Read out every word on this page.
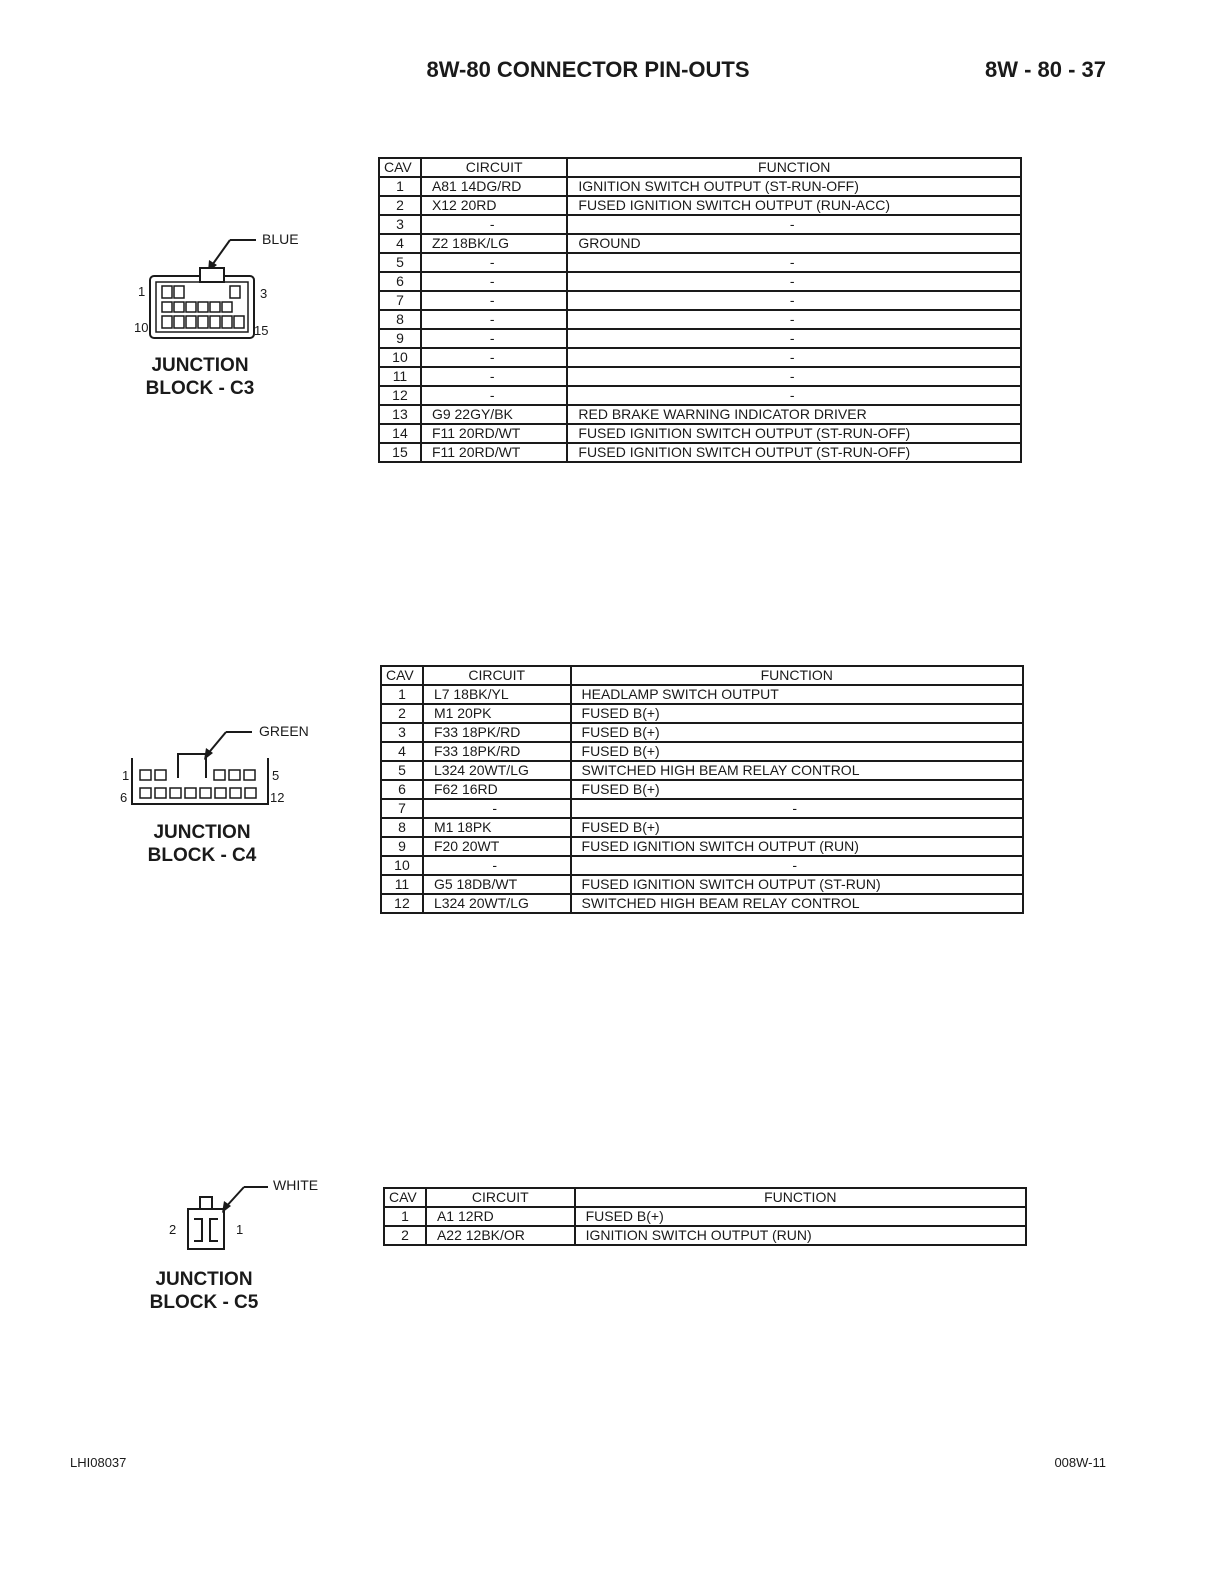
8W-80 CONNECTOR PIN-OUTS	8W - 80 - 37
BLUE
1	3
10	15
JUNCTION
BLOCK - C3
CAV	CIRCUIT	FUNCTION
1	A81 14DG/RD	IGNITION SWITCH OUTPUT (ST-RUN-OFF)
2	X12 20RD	FUSED IGNITION SWITCH OUTPUT (RUN-ACC)
3	-	-
4	Z2 18BK/LG	GROUND
5	-	-
6	-	-
7	-	-
8	-	-
9	-	-
10	-	-
11	-	-
12	-	-
13	G9 22GY/BK	RED BRAKE WARNING INDICATOR DRIVER
14	F11 20RD/WT	FUSED IGNITION SWITCH OUTPUT (ST-RUN-OFF)
15	F11 20RD/WT	FUSED IGNITION SWITCH OUTPUT (ST-RUN-OFF)
GREEN
1	5
6	12
JUNCTION
BLOCK - C4
CAV	CIRCUIT	FUNCTION
1	L7 18BK/YL	HEADLAMP SWITCH OUTPUT
2	M1 20PK	FUSED B(+)
3	F33 18PK/RD	FUSED B(+)
4	F33 18PK/RD	FUSED B(+)
5	L324 20WT/LG	SWITCHED HIGH BEAM RELAY CONTROL
6	F62 16RD	FUSED B(+)
7	-	-
8	M1 18PK	FUSED B(+)
9	F20 20WT	FUSED IGNITION SWITCH OUTPUT (RUN)
10	-	-
11	G5 18DB/WT	FUSED IGNITION SWITCH OUTPUT (ST-RUN)
12	L324 20WT/LG	SWITCHED HIGH BEAM RELAY CONTROL
WHITE
2	1
JUNCTION
BLOCK - C5
CAV	CIRCUIT	FUNCTION
1	A1 12RD	FUSED B(+)
2	A22 12BK/OR	IGNITION SWITCH OUTPUT (RUN)
LHI08037	008W-11
